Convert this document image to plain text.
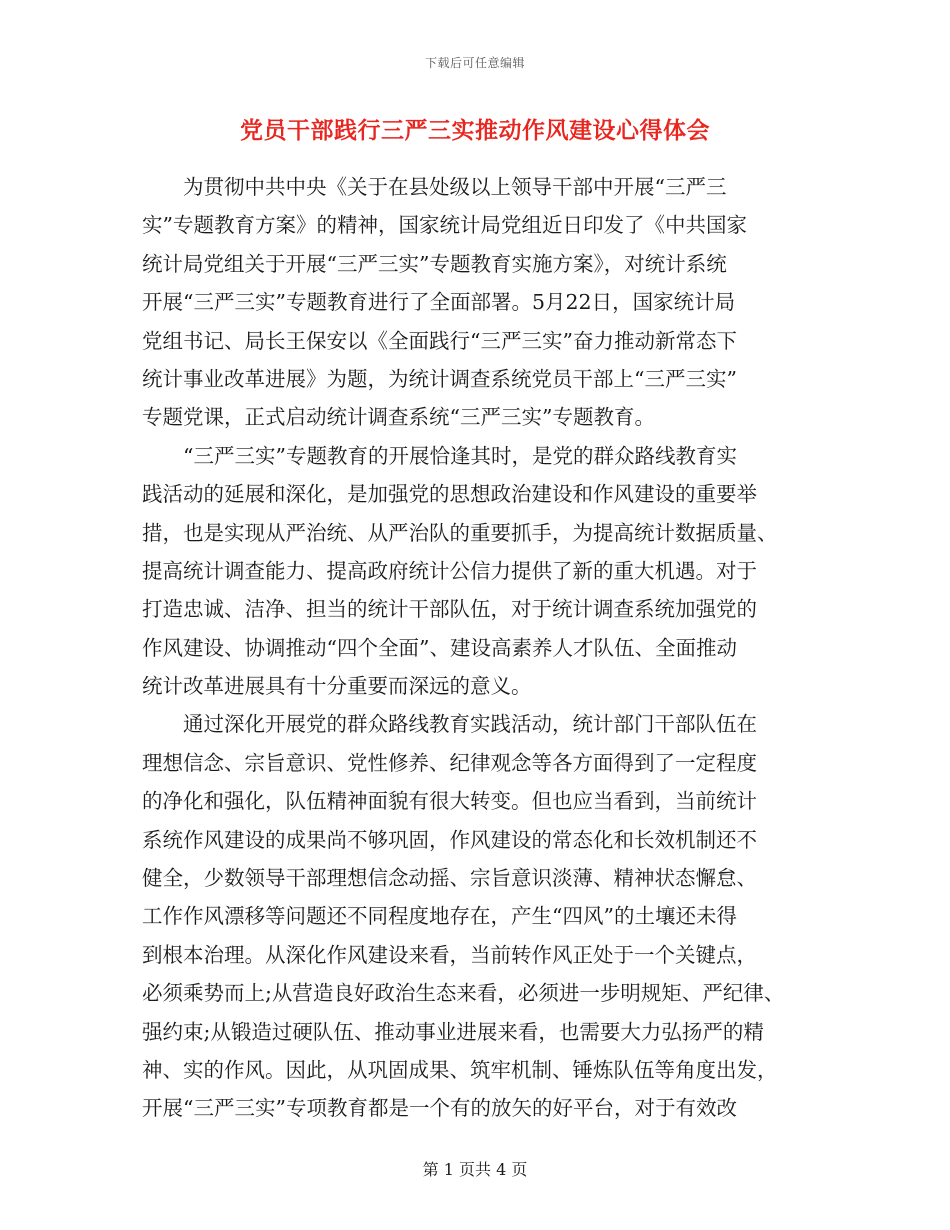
下载后可任意编辑
党员干部践行三严三实推动作风建设心得体会
为贯彻中共中央《关于在县处级以上领导干部中开展“三严三
实”专题教育方案》的精神，国家统计局党组近日印发了《中共国家
统计局党组关于开展“三严三实”专题教育实施方案》，对统计系统
开展“三严三实”专题教育进行了全面部署。5月22日，国家统计局
党组书记、局长王保安以《全面践行“三严三实”奋力推动新常态下
统计事业改革进展》为题，为统计调查系统党员干部上“三严三实”
专题党课，正式启动统计调查系统“三严三实”专题教育。
“三严三实”专题教育的开展恰逢其时，是党的群众路线教育实
践活动的延展和深化，是加强党的思想政治建设和作风建设的重要举
措，也是实现从严治统、从严治队的重要抓手，为提高统计数据质量、
提高统计调查能力、提高政府统计公信力提供了新的重大机遇。对于
打造忠诚、洁净、担当的统计干部队伍，对于统计调查系统加强党的
作风建设、协调推动“四个全面”、建设高素养人才队伍、全面推动
统计改革进展具有十分重要而深远的意义。
通过深化开展党的群众路线教育实践活动，统计部门干部队伍在
理想信念、宗旨意识、党性修养、纪律观念等各方面得到了一定程度
的净化和强化，队伍精神面貌有很大转变。但也应当看到，当前统计
系统作风建设的成果尚不够巩固，作风建设的常态化和长效机制还不
健全，少数领导干部理想信念动摇、宗旨意识淡薄、精神状态懈怠、
工作作风漂移等问题还不同程度地存在，产生“四风”的土壤还未得
到根本治理。从深化作风建设来看，当前转作风正处于一个关键点，
必须乘势而上;从营造良好政治生态来看，必须进一步明规矩、严纪律、
强约束;从锻造过硬队伍、推动事业进展来看，也需要大力弘扬严的精
神、实的作风。因此，从巩固成果、筑牢机制、锤炼队伍等角度出发，
开展“三严三实”专项教育都是一个有的放矢的好平台，对于有效改
第 1 页共 4 页
